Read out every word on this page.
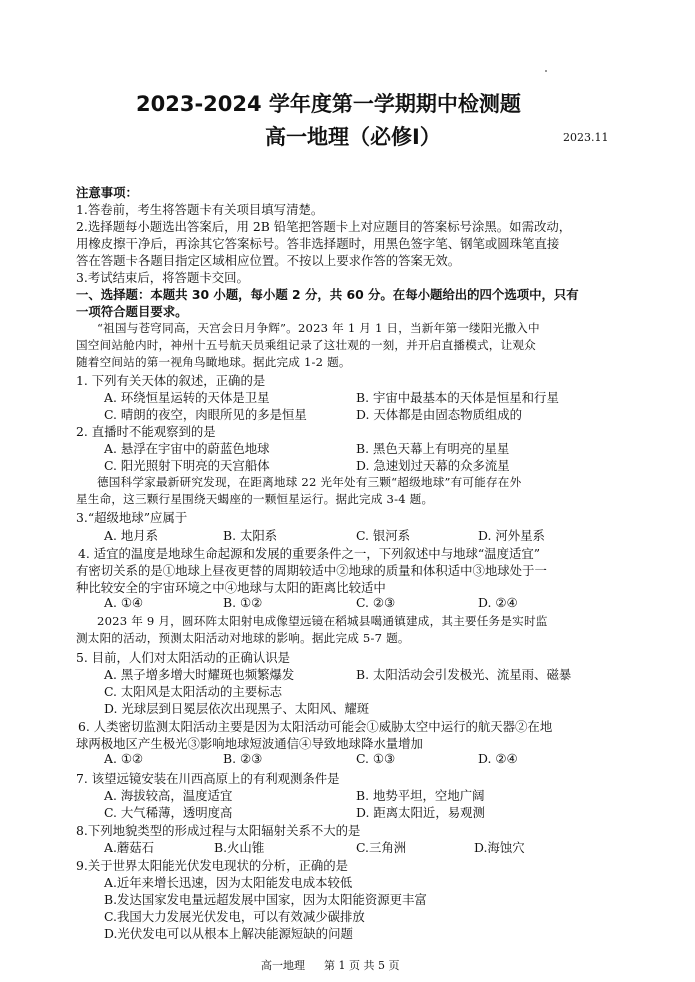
2023-2024 学年度第一学期期中检测题
高一地理（必修Ⅰ）	2023.11
注意事项：
1.答卷前，考生将答题卡有关项目填写清楚。
2.选择题每小题选出答案后，用 2B 铅笔把答题卡上对应题目的答案标号涂黑。如需改动，
用橡皮擦干净后，再涂其它答案标号。答非选择题时，用黑色签字笔、钢笔或圆珠笔直接
答在答题卡各题目指定区域相应位置。不按以上要求作答的答案无效。
3.考试结束后，将答题卡交回。
一、选择题：本题共 30 小题，每小题 2 分，共 60 分。在每小题给出的四个选项中，只有
一项符合题目要求。
“祖国与苍穹同高，天宫会日月争辉”。2023 年 1 月 1 日，当新年第一缕阳光撒入中
国空间站舱内时，神州十五号航天员乘组记录了这壮观的一刻，并开启直播模式，让观众
随着空间站的第一视角鸟瞰地球。据此完成 1-2 题。
1. 下列有关天体的叙述，正确的是
A. 环绕恒星运转的天体是卫星	B. 宇宙中最基本的天体是恒星和行星
C. 晴朗的夜空，肉眼所见的多是恒星	D. 天体都是由固态物质组成的
2. 直播时不能观察到的是
A. 悬浮在宇宙中的蔚蓝色地球	B. 黑色天幕上有明亮的星星
C. 阳光照射下明亮的天宫船体	D. 急速划过天幕的众多流星
德国科学家最新研究发现，在距离地球 22 光年处有三颗“超级地球”有可能存在外
星生命，这三颗行星围绕天蝎座的一颗恒星运行。据此完成 3-4 题。
3.“超级地球”应属于
A. 地月系	B. 太阳系	C. 银河系	D. 河外星系
4. 适宜的温度是地球生命起源和发展的重要条件之一，下列叙述中与地球“温度适宜”
有密切关系的是①地球上昼夜更替的周期较适中②地球的质量和体积适中③地球处于一
种比较安全的宇宙环境之中④地球与太阳的距离比较适中
A. ①④	B. ①②	C. ②③	D. ②④
2023 年 9 月，圆环阵太阳射电成像望远镜在稻城县噶通镇建成，其主要任务是实时监
测太阳的活动，预测太阳活动对地球的影响。据此完成 5-7 题。
5. 目前，人们对太阳活动的正确认识是
A. 黑子增多增大时耀斑也频繁爆发	B. 太阳活动会引发极光、流星雨、磁暴
C. 太阳风是太阳活动的主要标志
D. 光球层到日冕层依次出现黑子、太阳风、耀斑
6. 人类密切监测太阳活动主要是因为太阳活动可能会①威胁太空中运行的航天器②在地
球两极地区产生极光③影响地球短波通信④导致地球降水量增加
A. ①②	B. ②③	C. ①③	D. ②④
7. 该望远镜安装在川西高原上的有利观测条件是
A. 海拔较高，温度适宜	B. 地势平坦，空地广阔
C. 大气稀薄，透明度高	D. 距离太阳近，易观测
8.下列地貌类型的形成过程与太阳辐射关系不大的是
A.蘑菇石	B.火山锥	C.三角洲	D.海蚀穴
9.关于世界太阳能光伏发电现状的分析，正确的是
A.近年来增长迅速，因为太阳能发电成本较低
B.发达国家发电量远超发展中国家，因为太阳能资源更丰富
C.我国大力发展光伏发电，可以有效减少碳排放
D.光伏发电可以从根本上解决能源短缺的问题
高一地理 第 1 页 共 5 页
